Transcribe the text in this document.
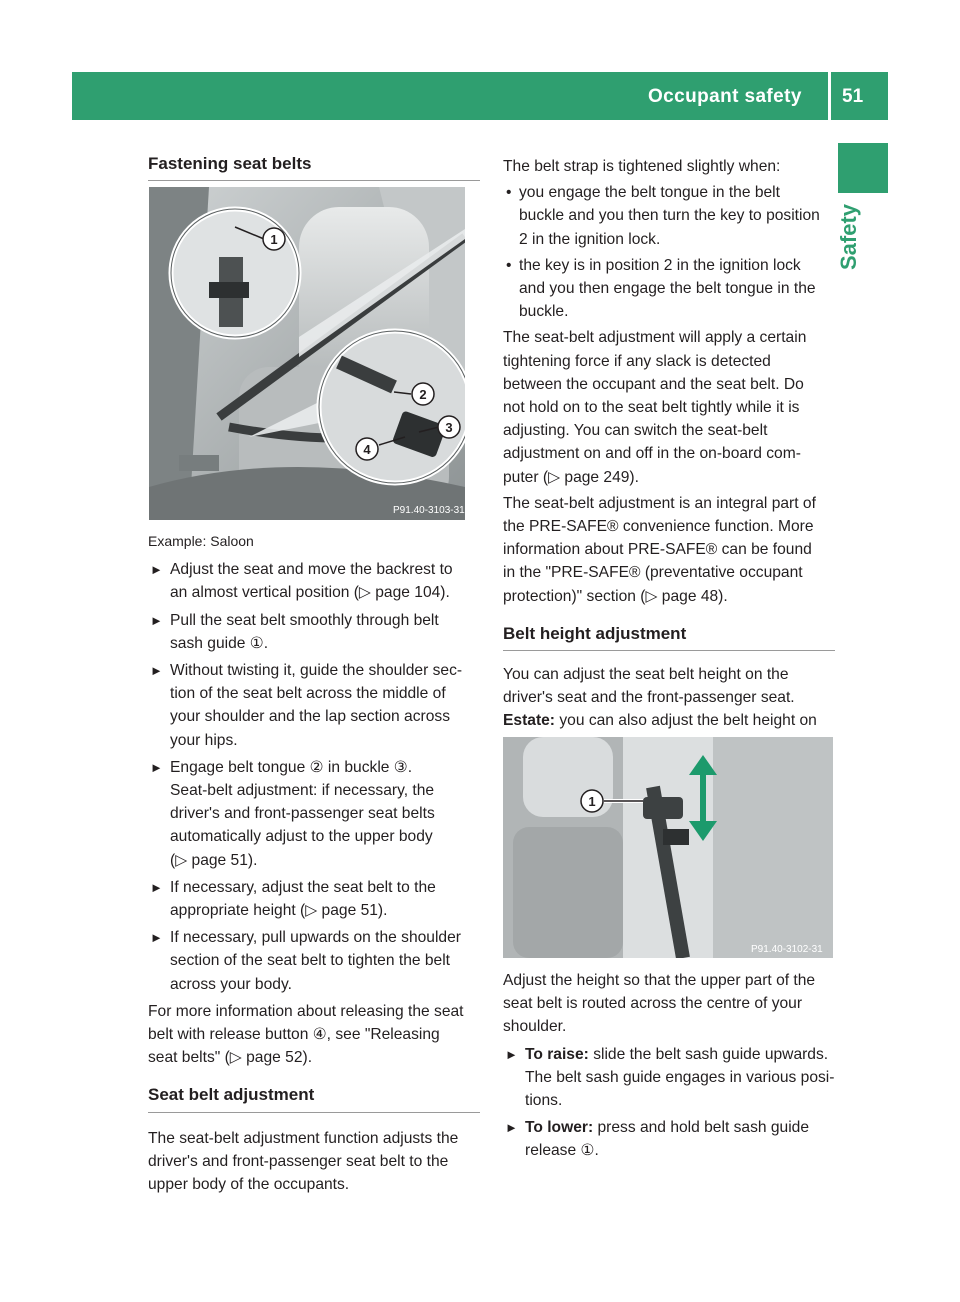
Occupant safety 51
Safety

Fastening seat belts

1
2
3
4
P91.40-3103-31

Example: Saloon

► Adjust the seat and move the backrest to

an almost vertical position (▷ page 104).

► Pull the seat belt smoothly through belt

sash guide ①.

► Without twisting it, guide the shoulder sec-

tion of the seat belt across the middle of

your shoulder and the lap section across

your hips.

► Engage belt tongue ② in buckle ③.

Seat-belt adjustment: if necessary, the

driver's and front-passenger seat belts

automatically adjust to the upper body

(▷ page 51).

► If necessary, adjust the seat belt to the

appropriate height (▷ page 51).

► If necessary, pull upwards on the shoulder

section of the seat belt to tighten the belt

across your body.

For more information about releasing the seat

belt with release button ④, see "Releasing

seat belts" (▷ page 52).

Seat belt adjustment

The seat-belt adjustment function adjusts the

driver's and front-passenger seat belt to the

upper body of the occupants.

The belt strap is tightened slightly when:

• you engage the belt tongue in the belt

buckle and you then turn the key to position

2 in the ignition lock.

• the key is in position 2 in the ignition lock

and you then engage the belt tongue in the

buckle.

The seat-belt adjustment will apply a certain

tightening force if any slack is detected

between the occupant and the seat belt. Do

not hold on to the seat belt tightly while it is

adjusting. You can switch the seat-belt

adjustment on and off in the on-board com-

puter (▷ page 249).

The seat-belt adjustment is an integral part of

the PRE-SAFE® convenience function. More

information about PRE-SAFE® can be found

in the "PRE-SAFE® (preventative occupant

protection)" section (▷ page 48).

Belt height adjustment

You can adjust the seat belt height on the

driver's seat and the front-passenger seat.

Estate: you can also adjust the belt height on

1
P91.40-3102-31

Adjust the height so that the upper part of the

seat belt is routed across the centre of your

shoulder.

► To raise: slide the belt sash guide upwards.

The belt sash guide engages in various posi-

tions.

► To lower: press and hold belt sash guide

release ①.
